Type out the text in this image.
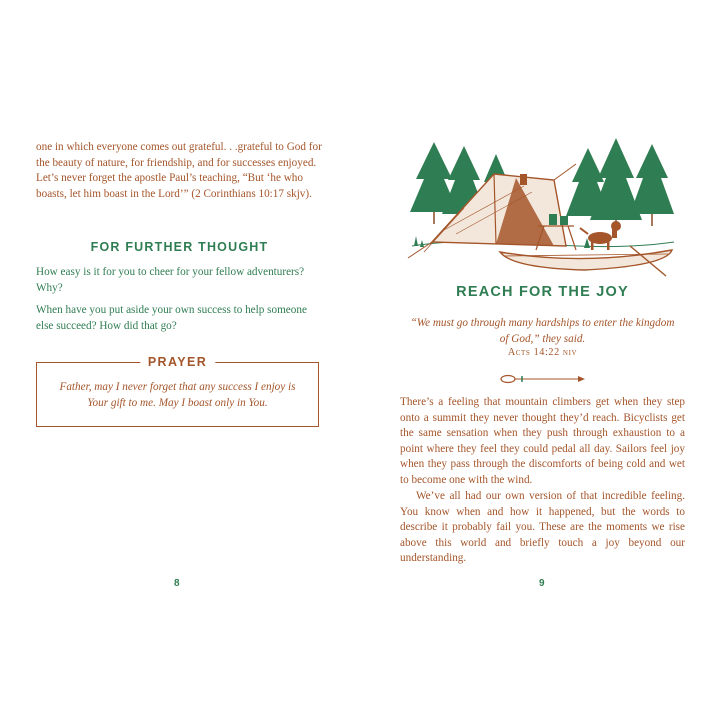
one in which everyone comes out grateful. . .grateful to God for the beauty of nature, for friendship, and for successes enjoyed. Let’s never forget the apostle Paul’s teaching, “But ‘he who boasts, let him boast in the Lord’” (2 Corinthians 10:17 skjv).

FOR FURTHER THOUGHT

How easy is it for you to cheer for your fellow adventurers? Why?

When have you put aside your own success to help someone else succeed? How did that go?

PRAYER

Father, may I never forget that any success I enjoy is Your gift to me. May I boast only in You.

8
REACH FOR THE JOY

“We must go through many hardships to enter the kingdom of God,” they said.

Acts 14:22 niv

There’s a feeling that mountain climbers get when they step onto a summit they never thought they’d reach. Bicyclists get the same sensation when they push through exhaustion to a point where they feel they could pedal all day. Sailors feel joy when they pass through the discomforts of being cold and wet to become one with the wind.

We’ve all had our own version of that incredible feeling. You know when and how it happened, but the words to describe it probably fail you. These are the moments we rise above this world and briefly touch a joy beyond our understanding.

9
